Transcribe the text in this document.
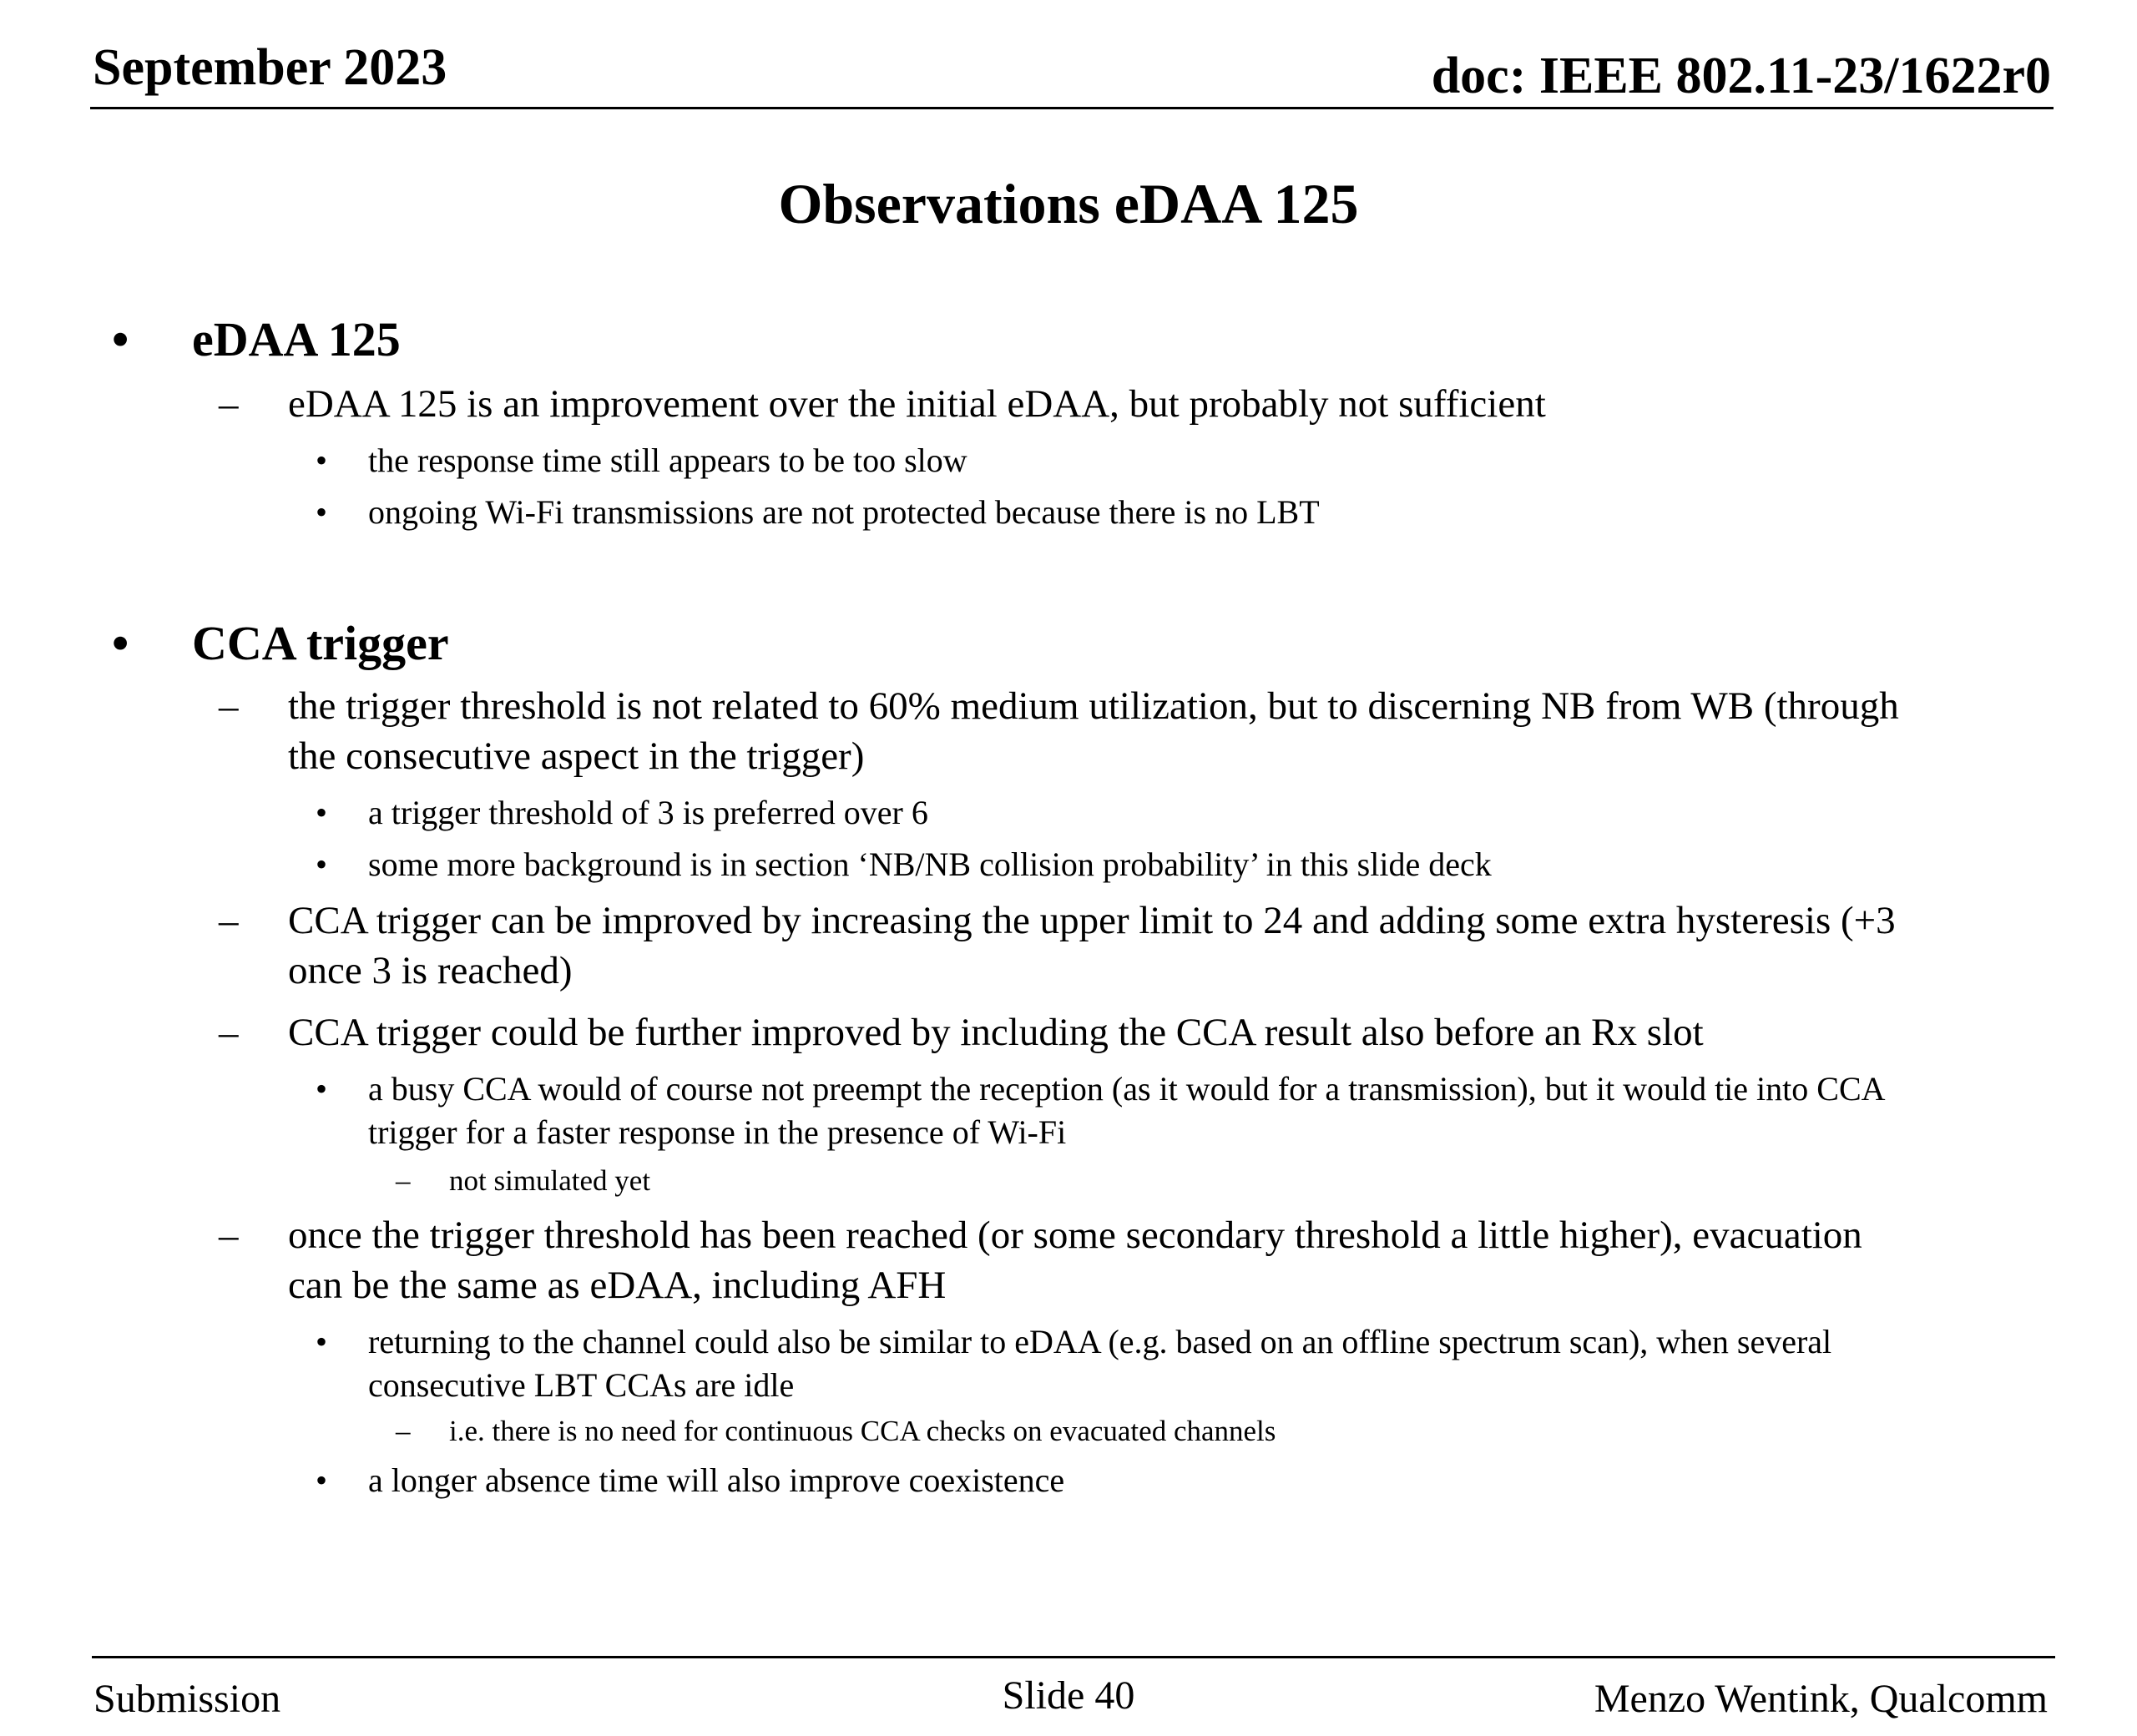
September 2023	doc: IEEE 802.11-23/1622r0
Observations eDAA 125
• eDAA 125
– eDAA 125 is an improvement over the initial eDAA, but probably not sufficient
• the response time still appears to be too slow
• ongoing Wi-Fi transmissions are not protected because there is no LBT
• CCA trigger
– the trigger threshold is not related to 60% medium utilization, but to discerning NB from WB (through
the consecutive aspect in the trigger)
• a trigger threshold of 3 is preferred over 6
• some more background is in section ‘NB/NB collision probability’ in this slide deck
– CCA trigger can be improved by increasing the upper limit to 24 and adding some extra hysteresis (+3
once 3 is reached)
– CCA trigger could be further improved by including the CCA result also before an Rx slot
• a busy CCA would of course not preempt the reception (as it would for a transmission), but it would tie into CCA
trigger for a faster response in the presence of Wi-Fi
– not simulated yet
– once the trigger threshold has been reached (or some secondary threshold a little higher), evacuation
can be the same as eDAA, including AFH
• returning to the channel could also be similar to eDAA (e.g. based on an offline spectrum scan), when several
consecutive LBT CCAs are idle
– i.e. there is no need for continuous CCA checks on evacuated channels
• a longer absence time will also improve coexistence
Submission	Slide 40	Menzo Wentink, Qualcomm
